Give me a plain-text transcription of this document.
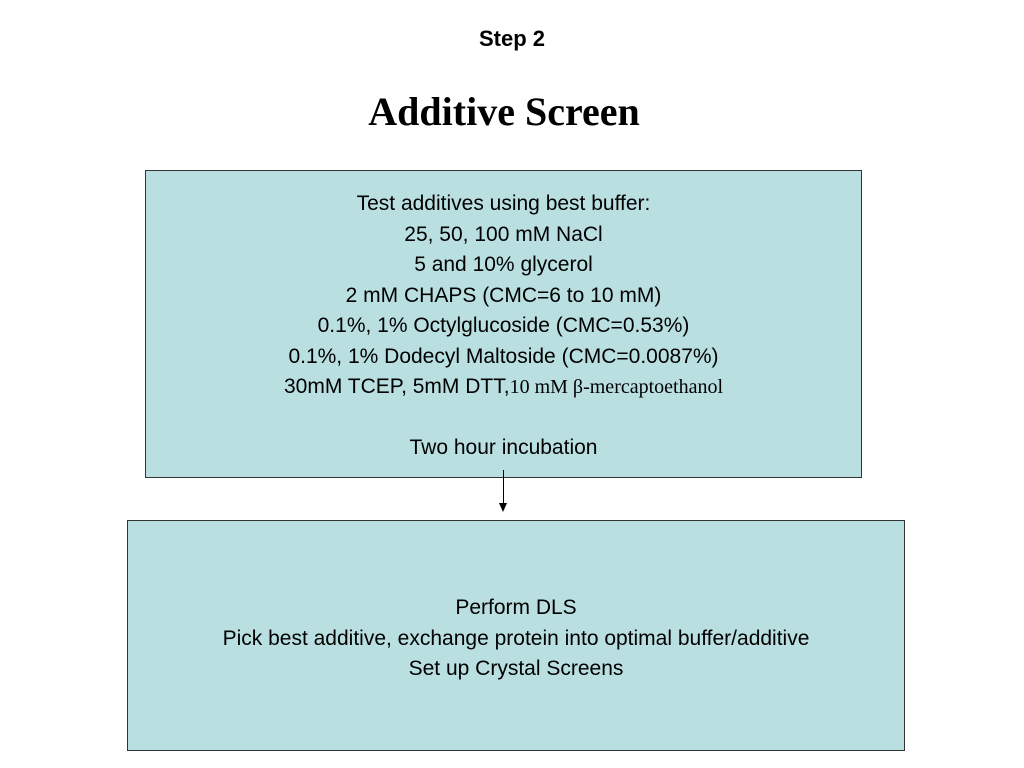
Step 2
Additive Screen
Test additives using best buffer:
25, 50, 100 mM NaCl
5 and 10% glycerol
2 mM CHAPS (CMC=6 to 10 mM)
0.1%, 1% Octylglucoside (CMC=0.53%)
0.1%, 1% Dodecyl Maltoside (CMC=0.0087%)
30mM TCEP, 5mM DTT,10 mM β-mercaptoethanol
Two hour incubation
Perform DLS
Pick best additive, exchange protein into optimal buffer/additive
Set up Crystal Screens
